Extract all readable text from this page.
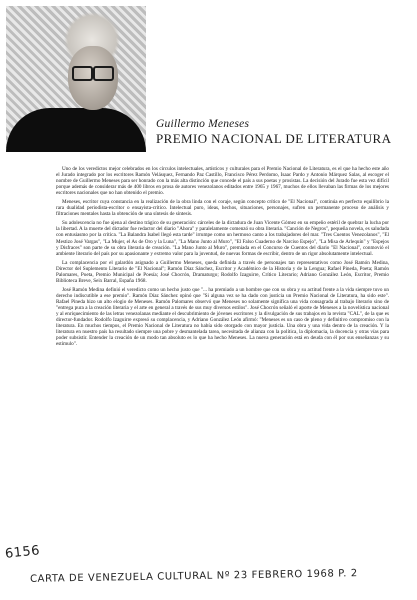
Guillermo Meneses
PREMIO NACIONAL DE LITERATURA

Uno de los veredictos mejor celebrados en los círculos intelectuales, artísticos y culturales para el Premio Nacional de Literatura, es el que ha hecho este año el Jurado integrado por los escritores Ramón Velásquez, Fernando Paz Castillo, Francisco Pérez Perdomo, Isaac Pardo y Antonio Márquez Salas, al escoger el nombre de Guillermo Meneses para ser honrado con la más alta distinción que concede el país a sus poetas y prosistas. La decisión del Jurado fue esta vez difícil porque además de considerar más de 400 libros en prosa de autores venezolanos editados entre 1965 y 1967, muchos de ellos llevaban las firmas de los mejores escritores nacionales que no han obtenido el premio.

Meneses, escritor cuya constancia en la realización de la obra linda con el coraje, según concepto crítico de "El Nacional", continúa en perfecto equilibrio la rara dualidad periodista-escritor o ensayista-crítico. Intelectual puro, ideas, hechos, situaciones, personajes, sufren un permanente proceso de análisis y filtraciones mentales hasta la obtención de una síntesis de síntesis.

Su adolescencia no fue ajena al destino trágico de su generación: cárceles de la dictadura de Juan Vicente Gómez en su empeño estéril de quebrar la lucha por la libertad. A la muerte del dictador fue redactor del diario "Ahora" y paralelamente comenzó su obra literaria. "Canción de Negros", pequeña novela, es saludada con entusiasmo por la crítica. "La Balandra Isabel llegó esta tarde" irrumpe como un hermoso canto a los trabajadores del mar. "Tres Cuentos Venezolanos", "El Mestizo José Vargas", "La Mujer, el As de Oro y la Luna", "La Mano Junto al Muro", "El Falso Cuaderno de Narciso Espejo", "La Misa de Arlequín" y "Espejos y Disfraces" son parte de su obra literaria de creación. "La Mano Junto al Muro", premiada en el Concurso de Cuentos del diario "El Nacional", conmovió el ambiente literario del país por su apasionante y extremo valor para la juventud, de nuevas formas de escribir, dentro de un rigor absolutamente intelectual.

La complacencia por el galardón asignado a Guillermo Meneses, queda definida a través de personajes tan representativos como José Ramón Medina, Director del Suplemento Literario de "El Nacional"; Ramón Díaz Sánchez, Escritor y Académico de la Historia y de la Lengua; Rafael Pineda, Poeta; Ramón Palomares, Poeta, Premio Municipal de Poesía; José Chocrón, Dramaturgo; Rodolfo Izaguirre, Crítico Literario; Adriano González León, Escritor, Premio Biblioteca Breve, Seix Barral, España 1968.

José Ramón Medina definió el veredicto como un hecho justo que "... ha premiado a un hombre que con su obra y su actitud frente a la vida siempre tuvo un derecho indiscutible a ese premio". Ramón Díaz Sánchez opinó que "Si alguna vez se ha dado con justicia un Premio Nacional de Literatura, ha sido este". Rafael Pineda hizo un alto elogio de Meneses. Ramón Palomares observó que Meneses no solamente significa una vida consagrada al trabajo literario sino de "entrega pura a la creación literaria y el arte en general a través de sus muy diversos estilos". José Chocrón señaló el aporte de Meneses a la novelística nacional y al enriquecimiento de las letras venezolanas mediante el descubrimiento de jóvenes escritores y la divulgación de sus trabajos en la revista "CAL", de la que es director-fundador. Rodolfo Izaguirre expresó su complacencia, y Adriano González León afirmó: "Meneses es un caso de pleno y definitivo compromiso con la literatura. En muchos tiempos, el Premio Nacional de Literatura no había sido otorgado con mayor justicia. Una obra y una vida dentro de la creación. Y la literatura en nuestro país ha resultado siempre una pobre y desmantelada tarea, necesitada de alianza con la política, la diplomacia, la docencia y otras vías para poder subsistir. Entender la creación de un modo tan absoluto es lo que ha hecho Meneses. La nueva generación está en deuda con él por sus enseñanzas y su estímulo".

6156
CARTA DE VENEZUELA CULTURAL Nº 23 FEBRERO 1968 P. 2
